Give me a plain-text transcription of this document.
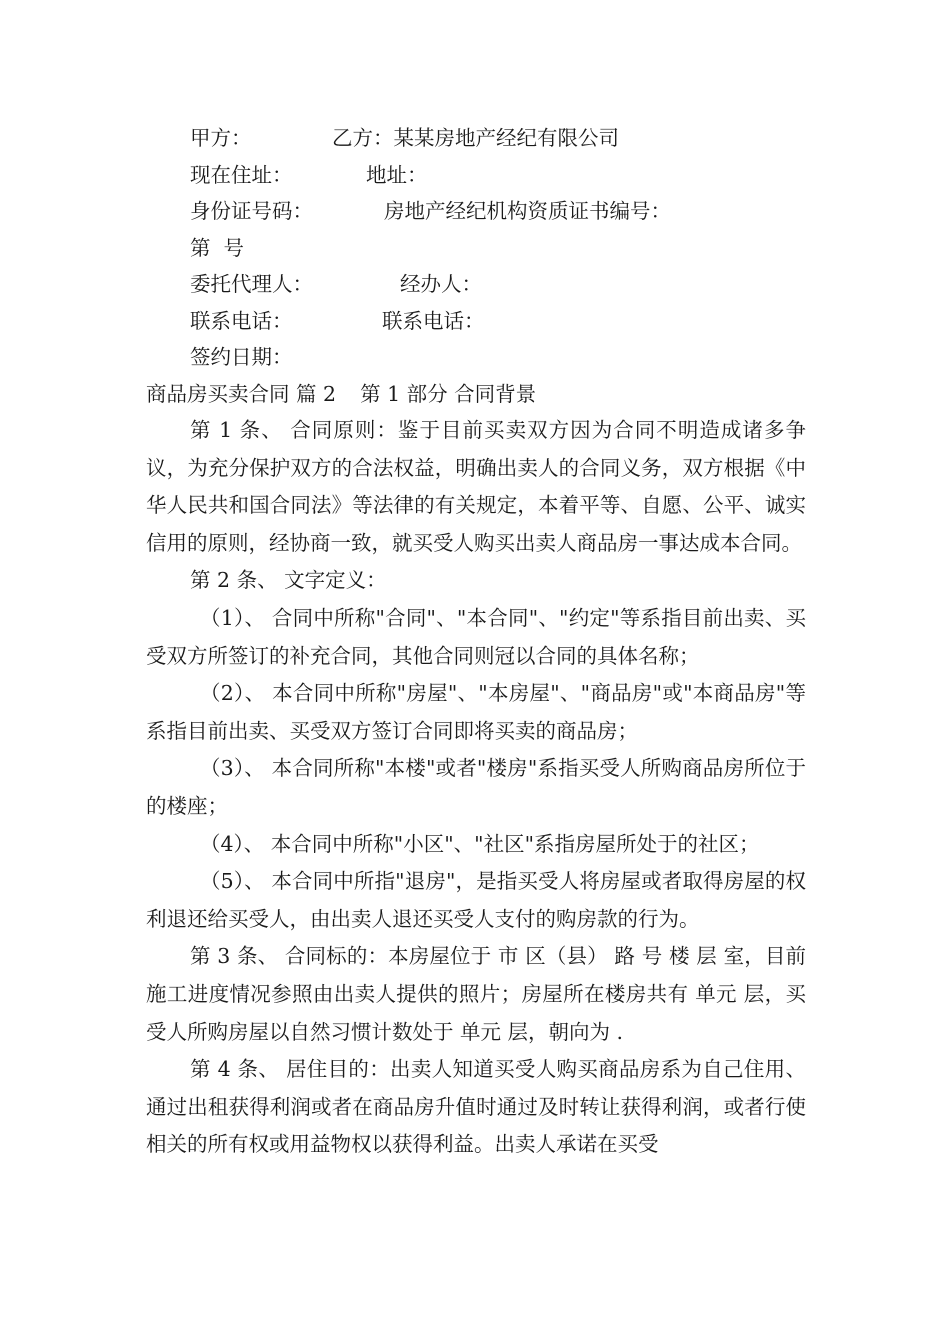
甲方：	乙方：某某房地产经纪有限公司
现在住址：	地址：
身份证号码：	房地产经纪机构资质证书编号：
第  号
委托代理人：	经办人：
联系电话：	联系电话：
签约日期：
商品房买卖合同 篇 2 第 1 部分 合同背景

第 1 条、 合同原则：鉴于目前买卖双方因为合同不明造成诸多争议，为充分保护双方的合法权益，明确出卖人的合同义务，双方根据《中华人民共和国合同法》等法律的有关规定，本着平等、自愿、公平、诚实信用的原则，经协商一致，就买受人购买出卖人商品房一事达成本合同。

第 2 条、 文字定义：

（1）、 合同中所称"合同"、"本合同"、"约定"等系指目前出卖、买受双方所签订的补充合同，其他合同则冠以合同的具体名称；

（2）、 本合同中所称"房屋"、"本房屋"、"商品房"或"本商品房"等系指目前出卖、买受双方签订合同即将买卖的商品房；

（3）、 本合同所称"本楼"或者"楼房"系指买受人所购商品房所位于的楼座；

（4）、 本合同中所称"小区"、"社区"系指房屋所处于的社区；

（5）、 本合同中所指"退房"，是指买受人将房屋或者取得房屋的权利退还给买受人，由出卖人退还买受人支付的购房款的行为。

第 3 条、 合同标的：本房屋位于 市 区（县） 路 号 楼 层 室，目前施工进度情况参照由出卖人提供的照片；房屋所在楼房共有 单元 层，买受人所购房屋以自然习惯计数处于 单元 层，朝向为 .

第 4 条、 居住目的：出卖人知道买受人购买商品房系为自己住用、通过出租获得利润或者在商品房升值时通过及时转让获得利润，或者行使相关的所有权或用益物权以获得利益。出卖人承诺在买受
